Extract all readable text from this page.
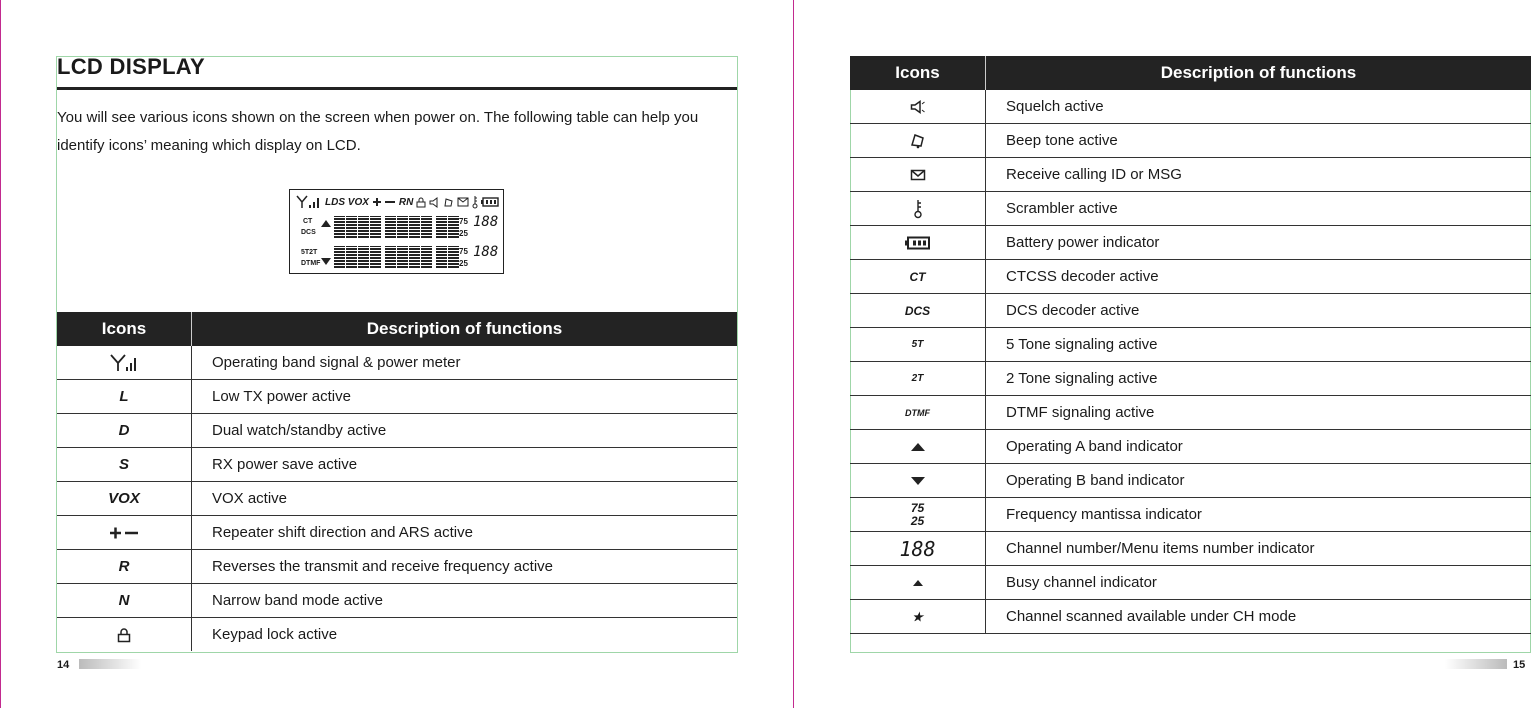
LCD DISPLAY
You will see various icons shown on the screen when power on. The following table can help you identify icons’ meaning which display on LCD.
LDS VOX	RN
CT
DCS
75
25
188
5T2T
DTMF
75
25
188
Icons	Description of functions
	Operating band signal & power meter
L	Low TX power active
D	Dual watch/standby active
S	RX power save active
VOX	VOX active
	Repeater shift direction and ARS active
R	Reverses the transmit and receive frequency active
N	Narrow band mode active
	Keypad lock active
14
Icons	Description of functions
	Squelch active
	Beep tone active
	Receive calling ID or MSG
	Scrambler active
	Battery power indicator
CT	CTCSS decoder active
DCS	DCS decoder active
5T	5 Tone signaling active
2T	2 Tone signaling active
DTMF	DTMF signaling active
	Operating A band indicator
	Operating B band indicator
75 25	Frequency mantissa indicator
188	Channel number/Menu items number indicator
	Busy channel indicator
★	Channel scanned available under CH mode
15
